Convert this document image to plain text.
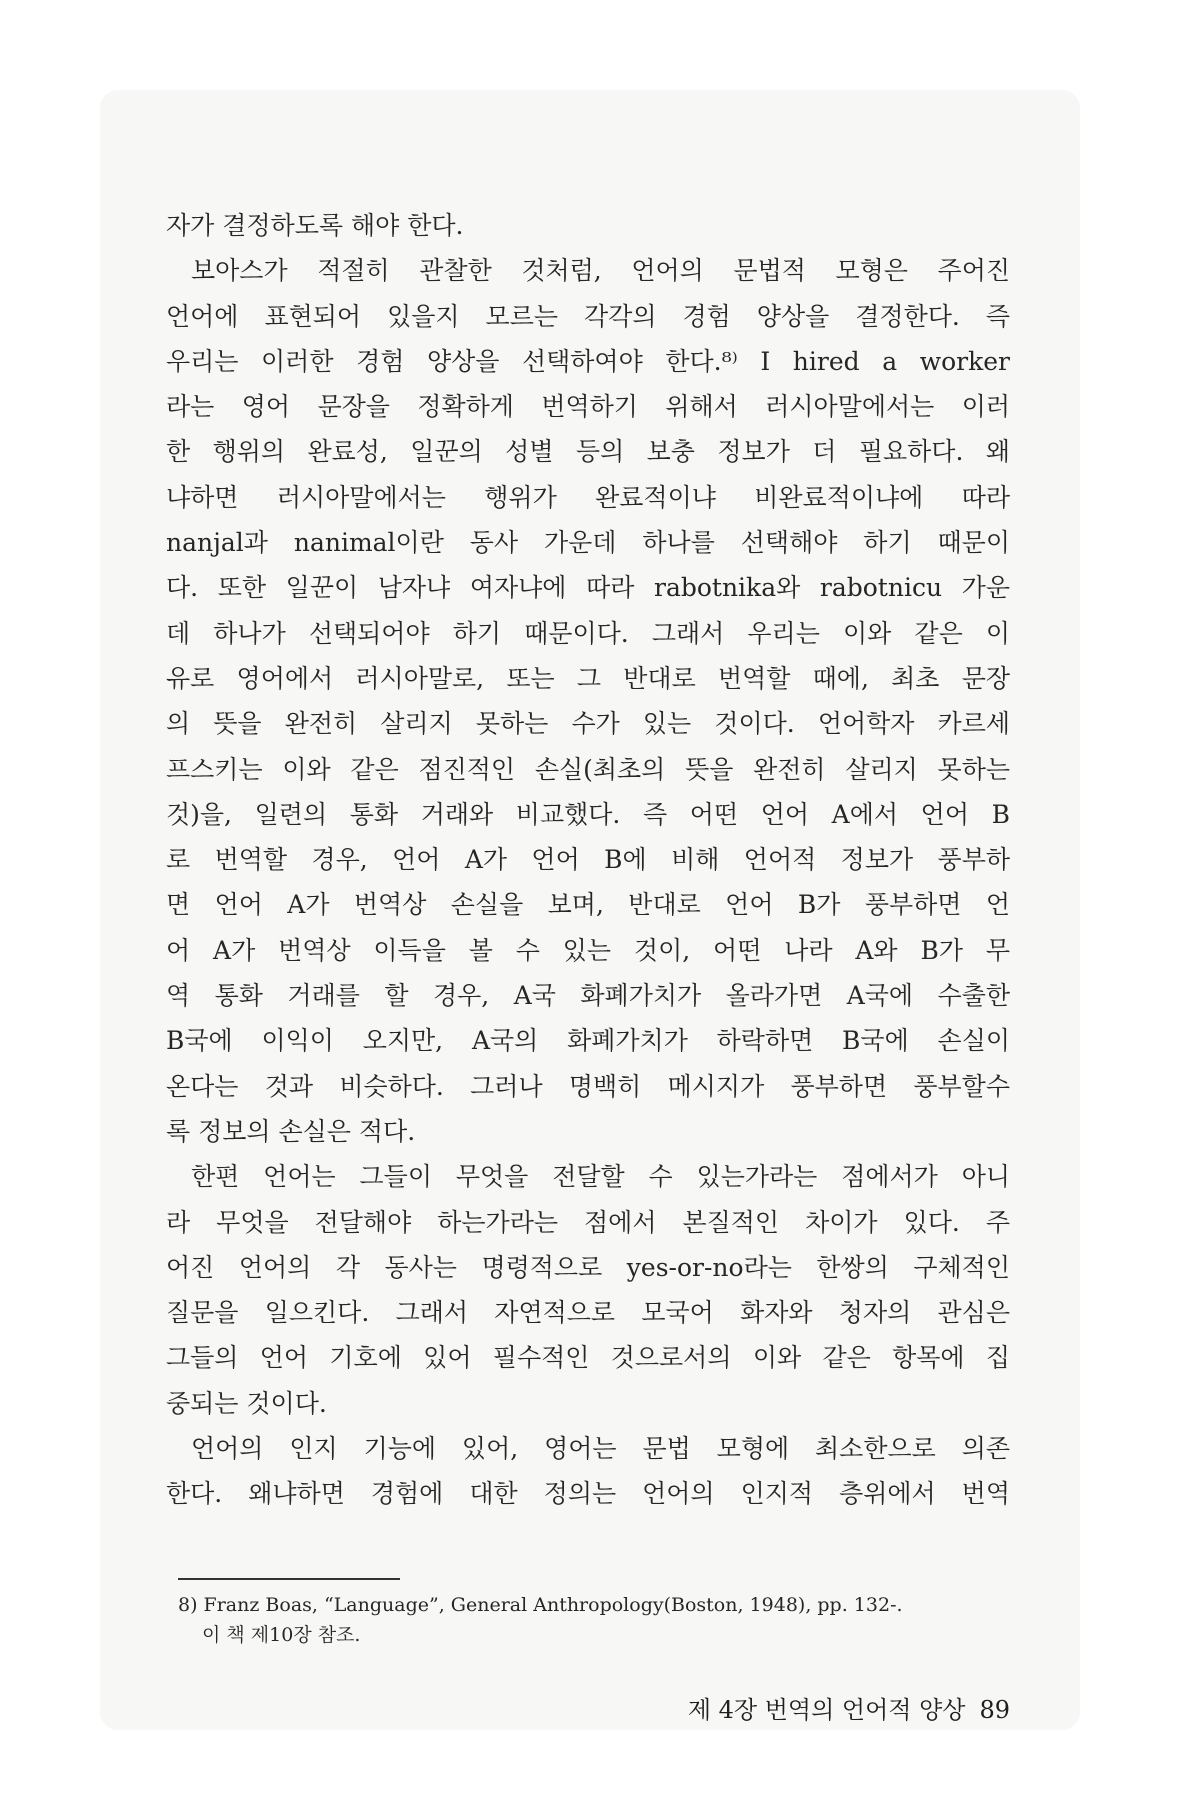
자가 결정하도록 해야 한다.
보아스가 적절히 관찰한 것처럼, 언어의 문법적 모형은 주어진
언어에 표현되어 있을지 모르는 각각의 경험 양상을 결정한다. 즉
우리는 이러한 경험 양상을 선택하여야 한다.⁸⁾ I hired a worker
라는 영어 문장을 정확하게 번역하기 위해서 러시아말에서는 이러
한 행위의 완료성, 일꾼의 성별 등의 보충 정보가 더 필요하다. 왜
냐하면 러시아말에서는 행위가 완료적이냐 비완료적이냐에 따라
nanjal과 nanimal이란 동사 가운데 하나를 선택해야 하기 때문이
다. 또한 일꾼이 남자냐 여자냐에 따라 rabotnika와 rabotnicu 가운
데 하나가 선택되어야 하기 때문이다. 그래서 우리는 이와 같은 이
유로 영어에서 러시아말로, 또는 그 반대로 번역할 때에, 최초 문장
의 뜻을 완전히 살리지 못하는 수가 있는 것이다. 언어학자 카르세
프스키는 이와 같은 점진적인 손실(최초의 뜻을 완전히 살리지 못하는
것)을, 일련의 통화 거래와 비교했다. 즉 어떤 언어 A에서 언어 B
로 번역할 경우, 언어 A가 언어 B에 비해 언어적 정보가 풍부하
면 언어 A가 번역상 손실을 보며, 반대로 언어 B가 풍부하면 언
어 A가 번역상 이득을 볼 수 있는 것이, 어떤 나라 A와 B가 무
역 통화 거래를 할 경우, A국 화폐가치가 올라가면 A국에 수출한
B국에 이익이 오지만, A국의 화폐가치가 하락하면 B국에 손실이
온다는 것과 비슷하다. 그러나 명백히 메시지가 풍부하면 풍부할수
록 정보의 손실은 적다.
한편 언어는 그들이 무엇을 전달할 수 있는가라는 점에서가 아니
라 무엇을 전달해야 하는가라는 점에서 본질적인 차이가 있다. 주
어진 언어의 각 동사는 명령적으로 yes-or-no라는 한쌍의 구체적인
질문을 일으킨다. 그래서 자연적으로 모국어 화자와 청자의 관심은
그들의 언어 기호에 있어 필수적인 것으로서의 이와 같은 항목에 집
중되는 것이다.
언어의 인지 기능에 있어, 영어는 문법 모형에 최소한으로 의존
한다. 왜냐하면 경험에 대한 정의는 언어의 인지적 층위에서 번역
8) Franz Boas, “Language”, General Anthropology(Boston, 1948), pp. 132-.
이 책 제10장 참조.
제 4장 번역의 언어적 양상 89
